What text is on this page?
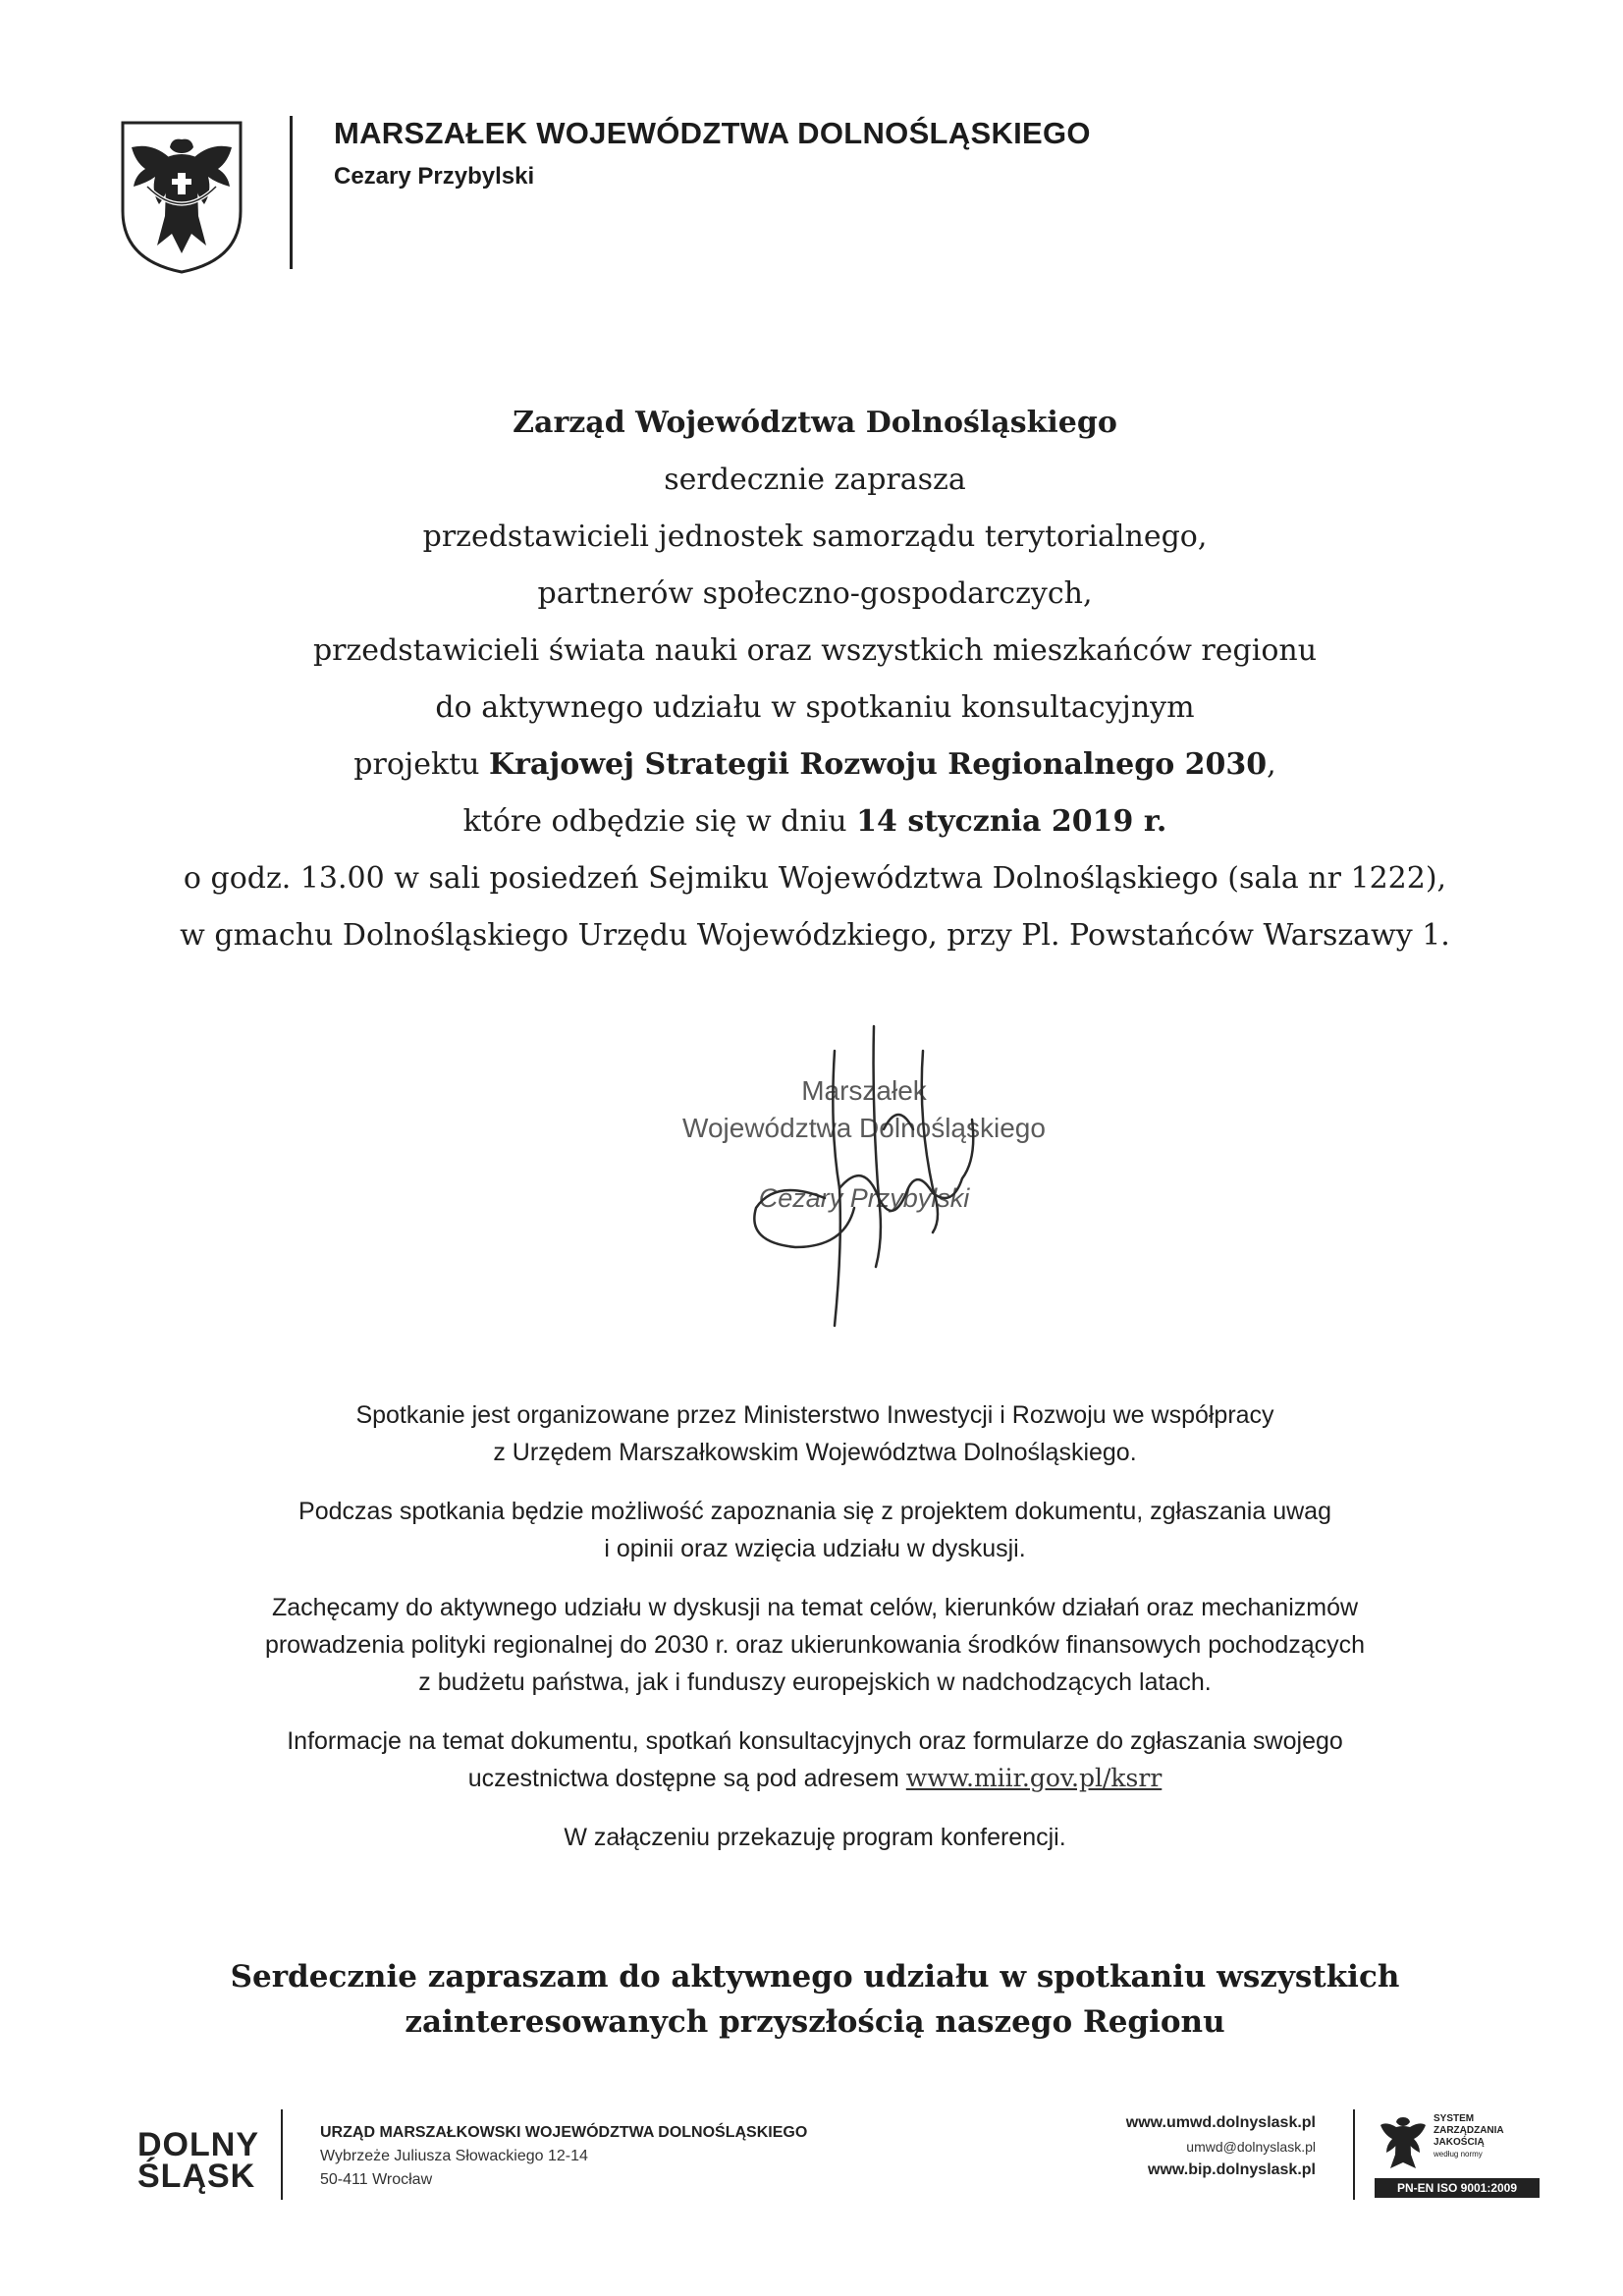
MARSZAŁEK WOJEWÓDZTWA DOLNOŚLĄSKIEGO
Cezary Przybylski
Zarząd Województwa Dolnośląskiego
serdecznie zaprasza
przedstawicieli jednostek samorządu terytorialnego,
partnerów społeczno-gospodarczych,
przedstawicieli świata nauki oraz wszystkich mieszkańców regionu
do aktywnego udziału w spotkaniu konsultacyjnym
projektu Krajowej Strategii Rozwoju Regionalnego 2030,
które odbędzie się w dniu 14 stycznia 2019 r.
o godz. 13.00 w sali posiedzeń Sejmiku Województwa Dolnośląskiego (sala nr 1222),
w gmachu Dolnośląskiego Urzędu Wojewódzkiego, przy Pl. Powstańców Warszawy 1.
Marszałek
Województwa Dolnośląskiego
Cezary Przybylski

Spotkanie jest organizowane przez Ministerstwo Inwestycji i Rozwoju we współpracy
z Urzędem Marszałkowskim Województwa Dolnośląskiego.

Podczas spotkania będzie możliwość zapoznania się z projektem dokumentu, zgłaszania uwag
i opinii oraz wzięcia udziału w dyskusji.

Zachęcamy do aktywnego udziału w dyskusji na temat celów, kierunków działań oraz mechanizmów
prowadzenia polityki regionalnej do 2030 r. oraz ukierunkowania środków finansowych pochodzących
z budżetu państwa, jak i funduszy europejskich w nadchodzących latach.

Informacje na temat dokumentu, spotkań konsultacyjnych oraz formularze do zgłaszania swojego
uczestnictwa dostępne są pod adresem www.miir.gov.pl/ksrr

W załączeniu przekazuję program konferencji.

Serdecznie zapraszam do aktywnego udziału w spotkaniu wszystkich
zainteresowanych przyszłością naszego Regionu
DOLNY
ŚLĄSK
URZĄD MARSZAŁKOWSKI WOJEWÓDZTWA DOLNOŚLĄSKIEGO
Wybrzeże Juliusza Słowackiego 12-14
50-411 Wrocław
www.umwd.dolnyslask.pl
umwd@dolnyslask.pl
www.bip.dolnyslask.pl
SYSTEM
ZARZĄDZANIA
JAKOŚCIĄ
według normy
PN-EN ISO 9001:2009
